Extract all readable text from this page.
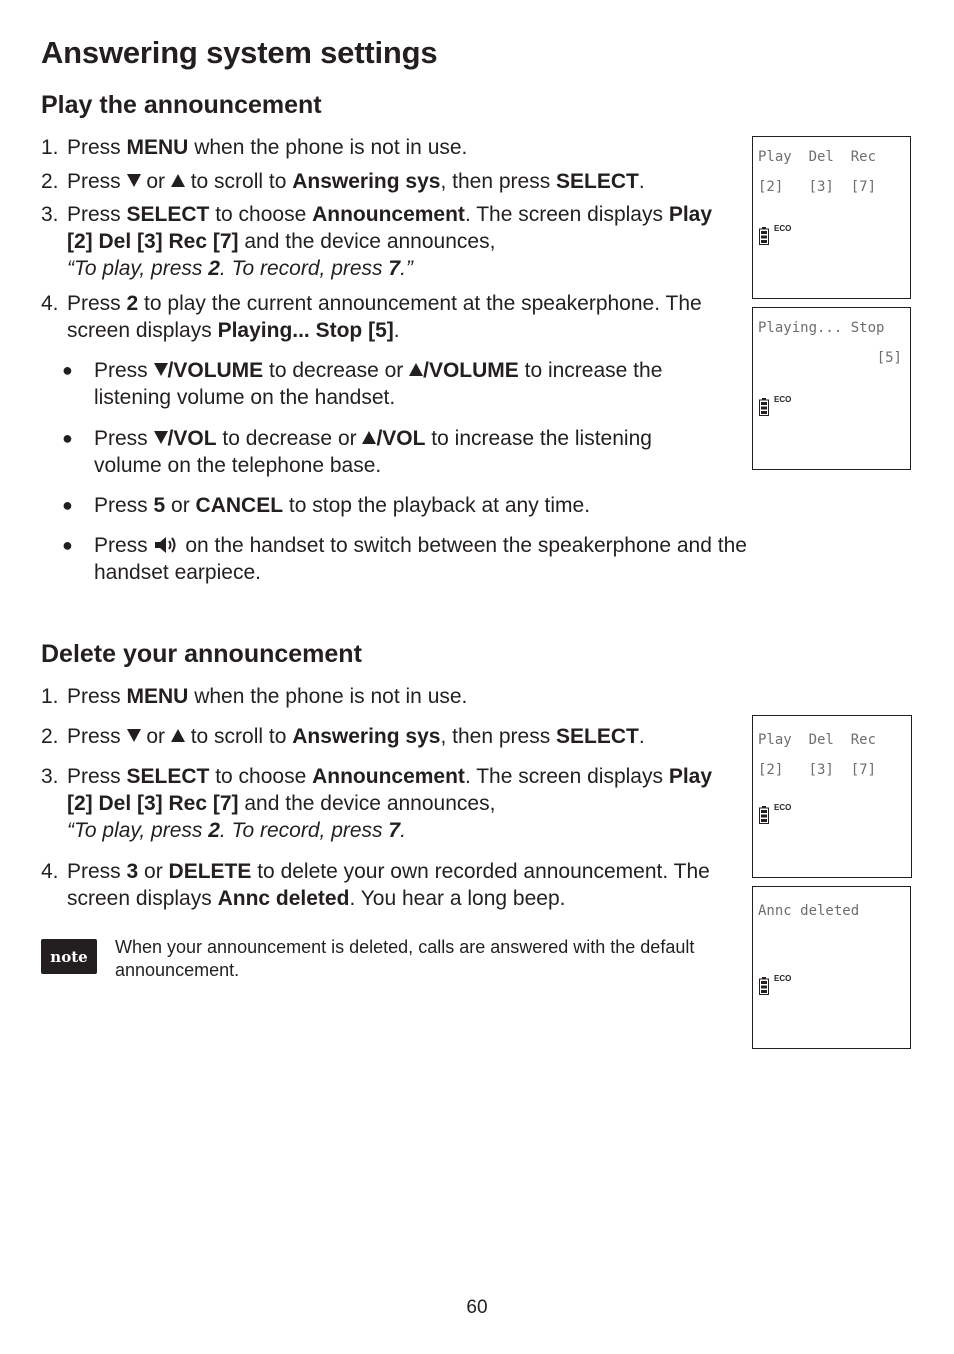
Answering system settings
Play the announcement
1. Press MENU when the phone is not in use.
2. Press  or  to scroll to Answering sys, then press SELECT.
3. Press SELECT to choose Announcement. The screen displays Play [2] Del [3] Rec [7] and the device announces,
“To play, press 2. To record, press 7.”
4. Press 2 to play the current announcement at the speakerphone. The screen displays Playing... Stop [5].
● Press /VOLUME to decrease or /VOLUME to increase the listening volume on the handset.
● Press /VOL to decrease or /VOL to increase the listening volume on the telephone base.
● Press 5 or CANCEL to stop the playback at any time.
● Press  on the handset to switch between the speakerphone and the handset earpiece.
Play  Del  Rec
[2]   [3]  [7]
ECO
Playing... Stop
[5]
ECO
Delete your announcement
1. Press MENU when the phone is not in use.
2. Press  or  to scroll to Answering sys, then press SELECT.
3. Press SELECT to choose Announcement. The screen displays Play [2] Del [3] Rec [7] and the device announces,
“To play, press 2. To record, press 7.
4. Press 3 or DELETE to delete your own recorded announcement. The screen displays Annc deleted. You hear a long beep.
note	When your announcement is deleted, calls are answered with the default announcement.
Play  Del  Rec
[2]   [3]  [7]
ECO
Annc deleted
ECO
60
